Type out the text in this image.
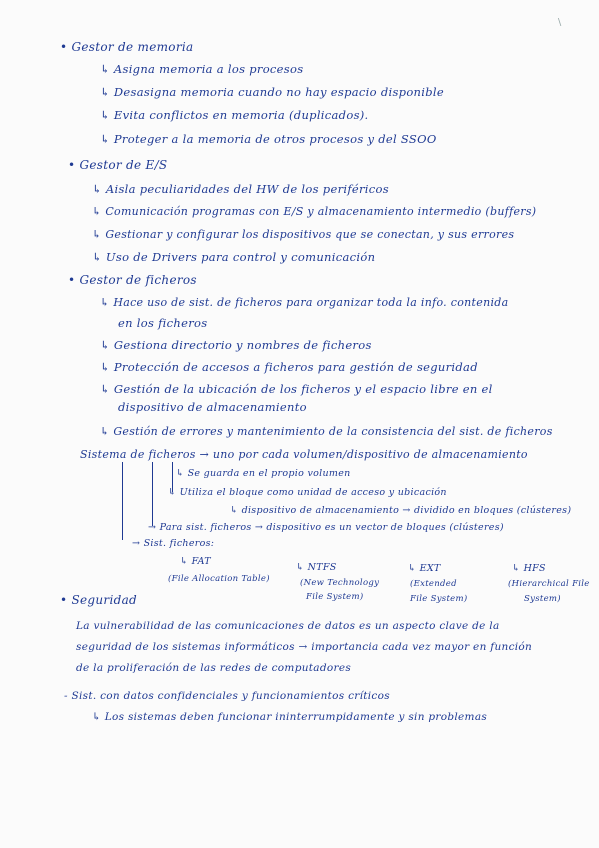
∖
• Gestor de memoria
↳ Asigna memoria a los procesos
↳ Desasigna memoria cuando no hay espacio disponible
↳ Evita conflictos en memoria (duplicados).
↳ Proteger a la memoria de otros procesos y del SSOO
• Gestor de E/S
↳ Aisla peculiaridades del HW de los periféricos
↳ Comunicación programas con E/S y almacenamiento intermedio (buffers)
↳ Gestionar y configurar los dispositivos que se conectan, y sus errores
↳ Uso de Drivers para control y comunicación
• Gestor de ficheros
↳ Hace uso de sist. de ficheros para organizar toda la info. contenida
en los ficheros
↳ Gestiona directorio y nombres de ficheros
↳ Protección de accesos a ficheros para gestión de seguridad
↳ Gestión de la ubicación de los ficheros y el espacio libre en el
dispositivo de almacenamiento
↳ Gestión de errores y mantenimiento de la consistencia del sist. de ficheros
Sistema de ficheros → uno por cada volumen/dispositivo de almacenamiento
↳ Se guarda en el propio volumen
↳ Utiliza el bloque como unidad de acceso y ubicación
↳ dispositivo de almacenamiento → dividido en bloques (clústeres)
→ Para sist. ficheros → dispositivo es un vector de bloques (clústeres)
→ Sist. ficheros:
↳ FAT
(File Allocation Table)
↳ NTFS
(New Technology
File System)
↳ EXT
(Extended
File System)
↳ HFS
(Hierarchical File
System)
• Seguridad
La vulnerabilidad de las comunicaciones de datos es un aspecto clave de la
seguridad de los sistemas informáticos → importancia cada vez mayor en función
de la proliferación de las redes de computadores
- Sist. con datos confidenciales y funcionamientos críticos
↳ Los sistemas deben funcionar ininterrumpidamente y sin problemas
